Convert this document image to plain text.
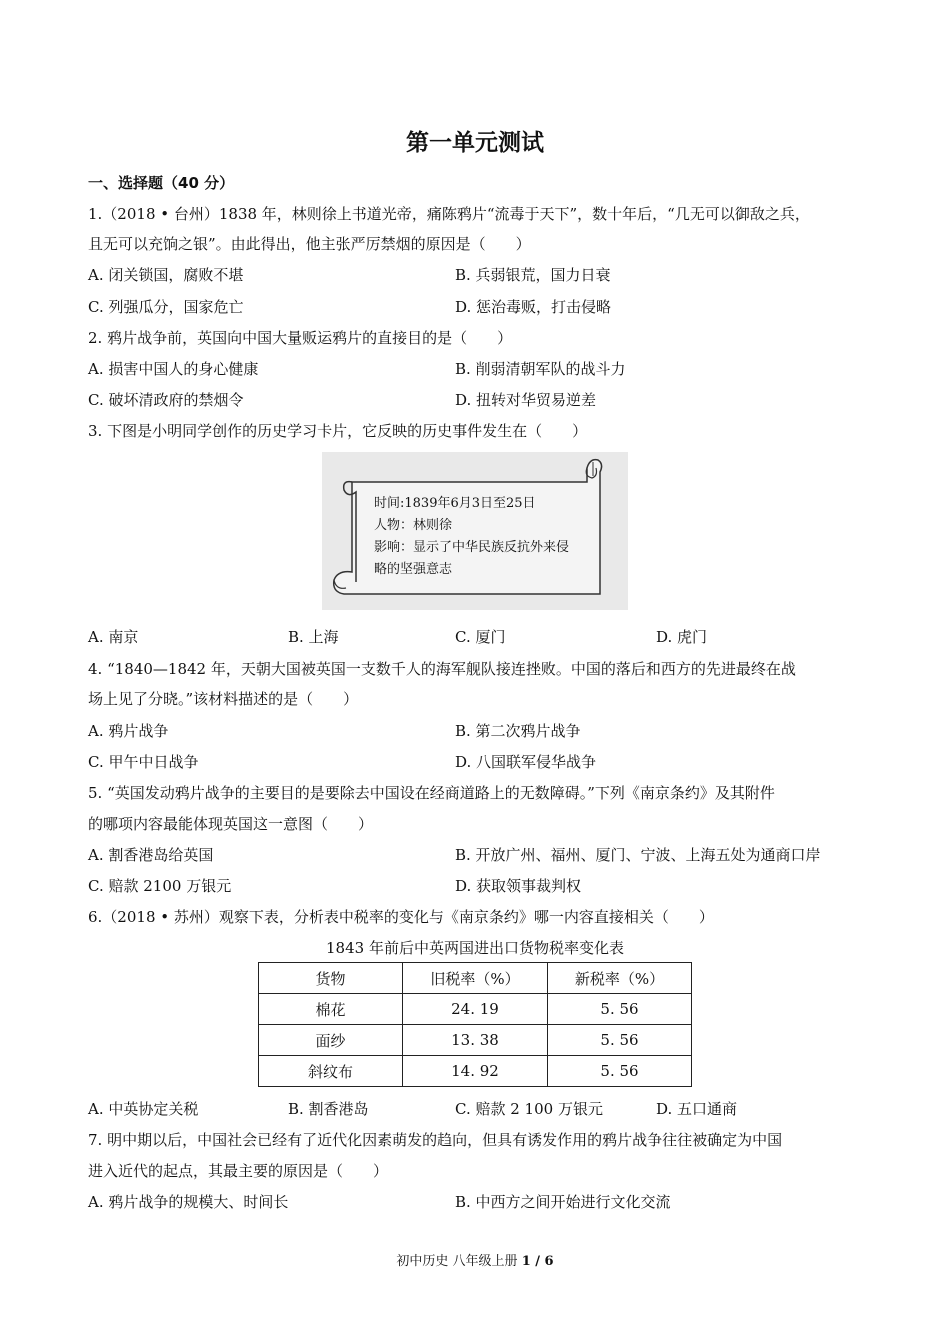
第一单元测试
一、选择题（40 分）
1.（2018 • 台州）1838 年，林则徐上书道光帝，痛陈鸦片“流毒于天下”，数十年后，“几无可以御敌之兵，
且无可以充饷之银”。由此得出，他主张严厉禁烟的原因是（　　）
A. 闭关锁国，腐败不堪	B. 兵弱银荒，国力日衰
C. 列强瓜分，国家危亡	D. 惩治毒贩，打击侵略
2. 鸦片战争前，英国向中国大量贩运鸦片的直接目的是（　　）
A. 损害中国人的身心健康	B. 削弱清朝军队的战斗力
C. 破坏清政府的禁烟令	D. 扭转对华贸易逆差
3. 下图是小明同学创作的历史学习卡片，它反映的历史事件发生在（　　）
时间:1839年6月3日至25日
人物：林则徐
影响：显示了中华民族反抗外来侵
略的坚强意志
A. 南京	B. 上海	C. 厦门	D. 虎门
4. “1840—1842 年，天朝大国被英国一支数千人的海军舰队接连挫败。中国的落后和西方的先进最终在战
场上见了分晓。”该材料描述的是（　　）
A. 鸦片战争	B. 第二次鸦片战争
C. 甲午中日战争	D. 八国联军侵华战争
5. “英国发动鸦片战争的主要目的是要除去中国设在经商道路上的无数障碍。”下列《南京条约》及其附件
的哪项内容最能体现英国这一意图（　　）
A. 割香港岛给英国	B. 开放广州、福州、厦门、宁波、上海五处为通商口岸
C. 赔款 2100 万银元	D. 获取领事裁判权
6.（2018 • 苏州）观察下表，分析表中税率的变化与《南京条约》哪一内容直接相关（　　）
1843 年前后中英两国进出口货物税率变化表
货物	旧税率（%）	新税率（%）
棉花	24. 19	5. 56
面纱	13. 38	5. 56
斜纹布	14. 92	5. 56
A. 中英协定关税	B. 割香港岛	C. 赔款 2 100 万银元	D. 五口通商
7. 明中期以后，中国社会已经有了近代化因素萌发的趋向，但具有诱发作用的鸦片战争往往被确定为中国
进入近代的起点，其最主要的原因是（　　）
A. 鸦片战争的规模大、时间长	B. 中西方之间开始进行文化交流
初中历史 八年级上册 1 / 6
